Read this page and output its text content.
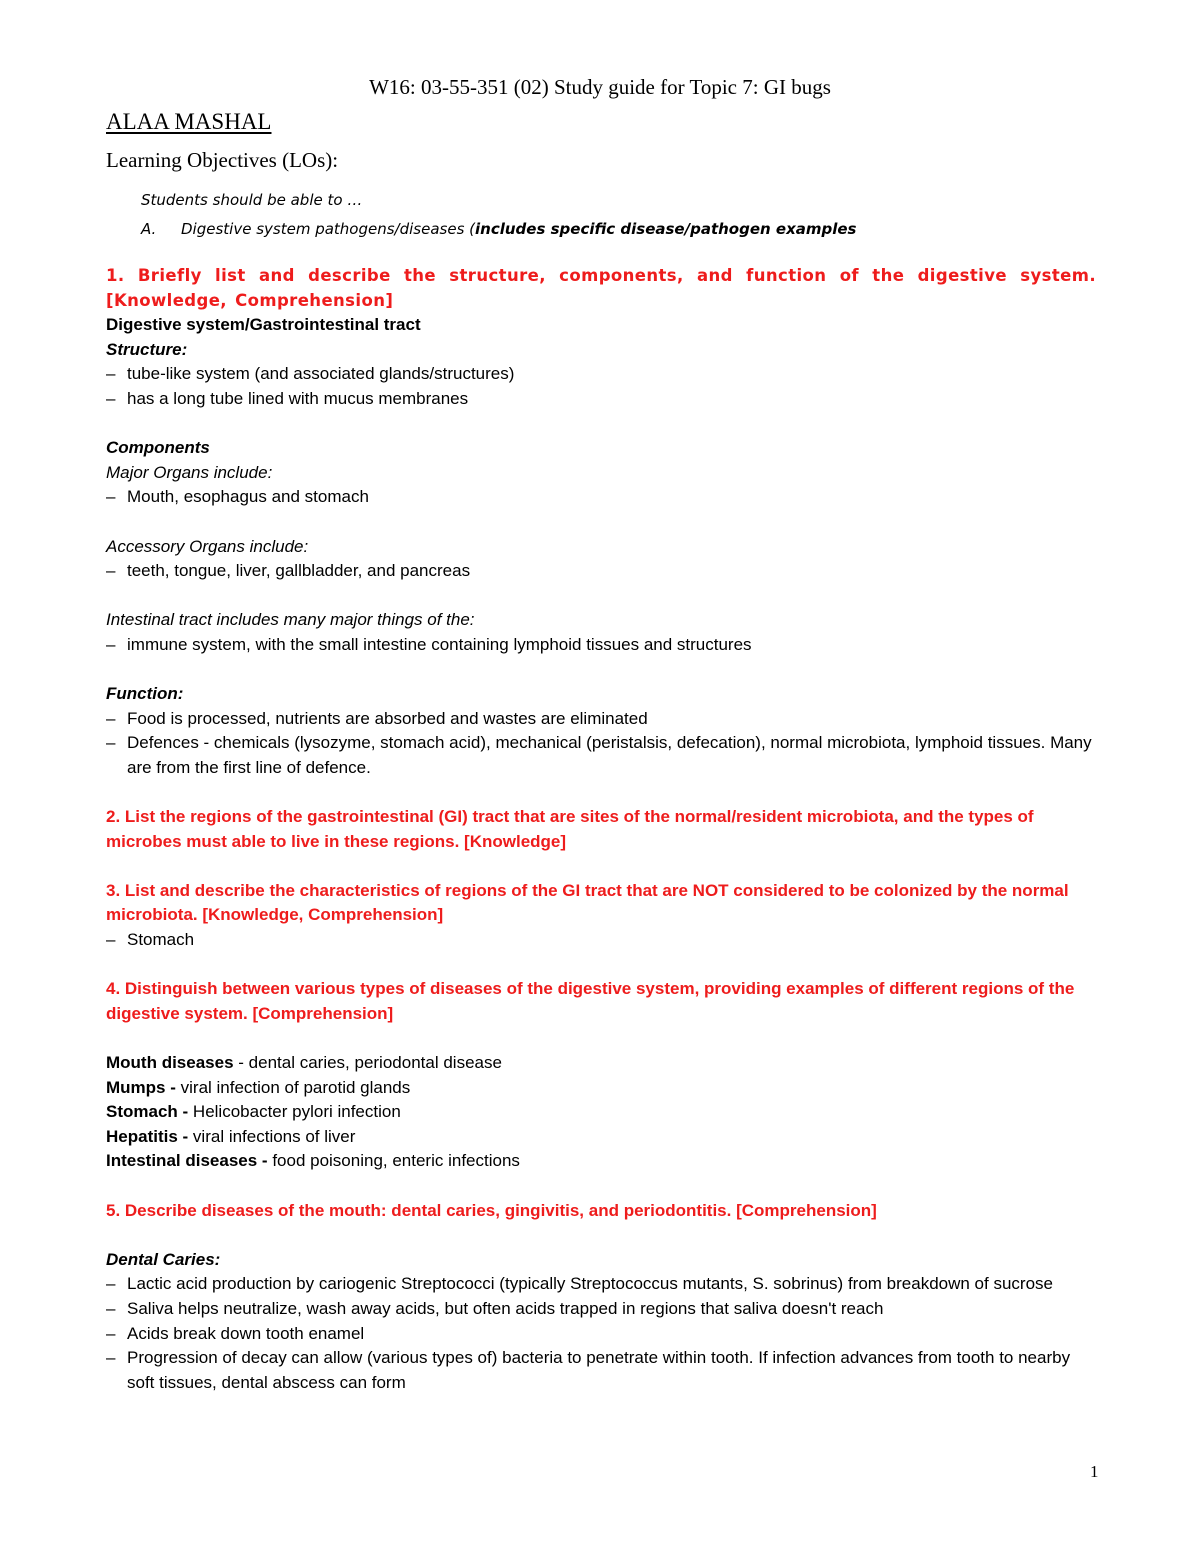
W16: 03-55-351 (02) Study guide for Topic 7: GI bugs
ALAA MASHAL
Learning Objectives (LOs):
Students should be able to …
A. Digestive system pathogens/diseases (includes specific disease/pathogen examples

1. Briefly list and describe the structure, components, and function of the digestive system. [Knowledge, Comprehension]

Digestive system/Gastrointestinal tract

Structure:

– tube-like system (and associated glands/structures)
– has a long tube lined with mucus membranes

Components

Major Organs include:

– Mouth, esophagus and stomach

Accessory Organs include:

– teeth, tongue, liver, gallbladder, and pancreas

Intestinal tract includes many major things of the:

– immune system, with the small intestine containing lymphoid tissues and structures

Function:

– Food is processed, nutrients are absorbed and wastes are eliminated
– Defences - chemicals (lysozyme, stomach acid), mechanical (peristalsis, defecation), normal microbiota, lymphoid tissues. Many are from the first line of defence.

2. List the regions of the gastrointestinal (GI) tract that are sites of the normal/resident microbiota, and the types of microbes must able to live in these regions. [Knowledge]

3. List and describe the characteristics of regions of the GI tract that are NOT considered to be colonized by the normal microbiota. [Knowledge, Comprehension]

– Stomach

4. Distinguish between various types of diseases of the digestive system, providing examples of different regions of the digestive system. [Comprehension]

Mouth diseases - dental caries, periodontal disease

Mumps - viral infection of parotid glands

Stomach - Helicobacter pylori infection

Hepatitis - viral infections of liver

Intestinal diseases - food poisoning, enteric infections

5. Describe diseases of the mouth: dental caries, gingivitis, and periodontitis. [Comprehension]

Dental Caries:

– Lactic acid production by cariogenic Streptococci (typically Streptococcus mutants, S. sobrinus) from breakdown of sucrose
– Saliva helps neutralize, wash away acids, but often acids trapped in regions that saliva doesn't reach
– Acids break down tooth enamel
– Progression of decay can allow (various types of) bacteria to penetrate within tooth. If infection advances from tooth to nearby soft tissues, dental abscess can form
1
